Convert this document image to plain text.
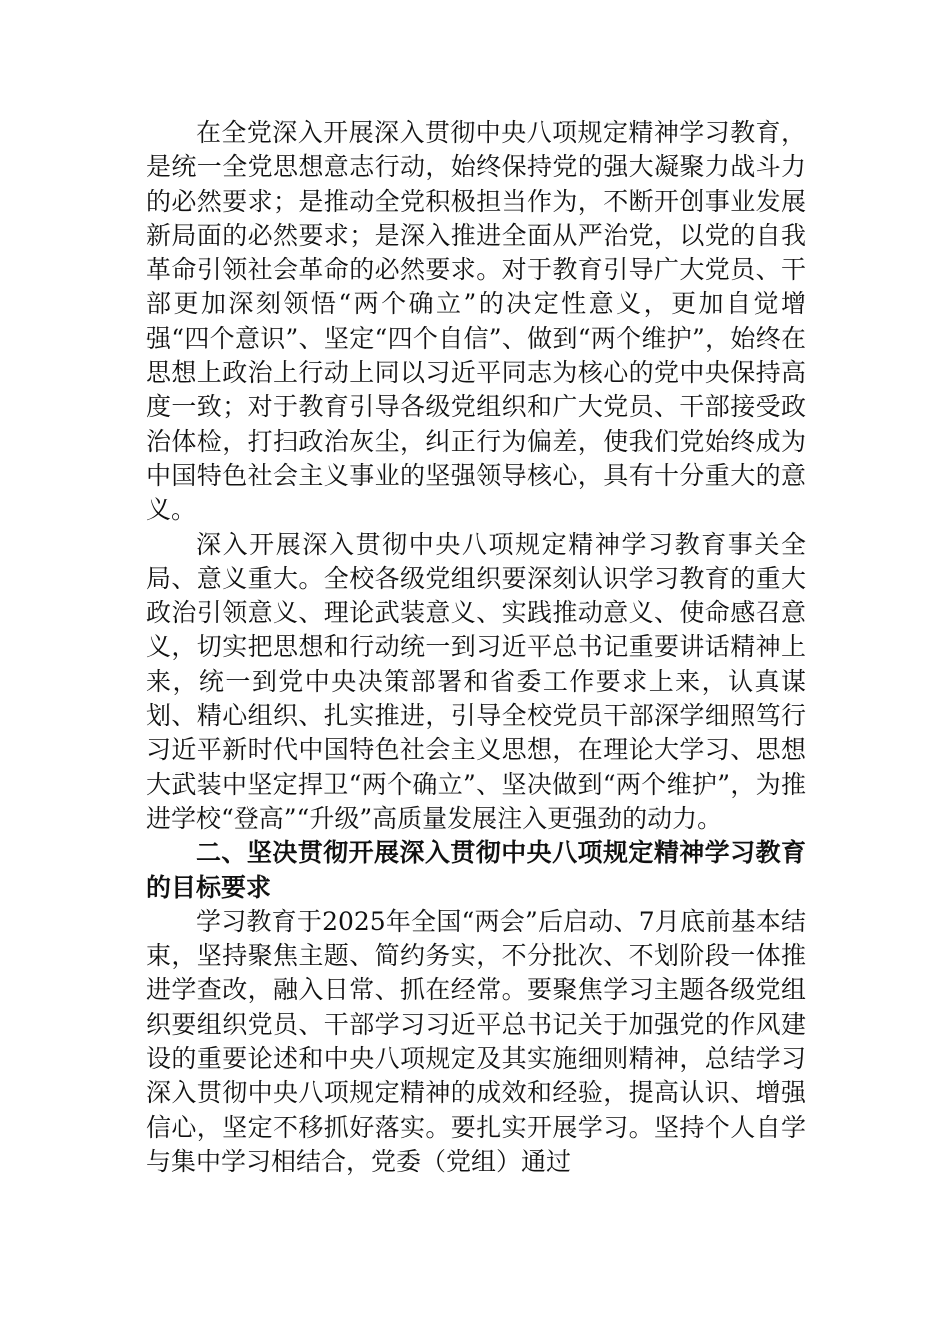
在全党深入开展深入贯彻中央八项规定精神学习教育，是统一全党思想意志行动，始终保持党的强大凝聚力战斗力的必然要求；是推动全党积极担当作为，不断开创事业发展新局面的必然要求；是深入推进全面从严治党，以党的自我革命引领社会革命的必然要求。对于教育引导广大党员、干部更加深刻领悟“两个确立”的决定性意义，更加自觉增强“四个意识”、坚定“四个自信”、做到“两个维护”，始终在思想上政治上行动上同以习近平同志为核心的党中央保持高度一致；对于教育引导各级党组织和广大党员、干部接受政治体检，打扫政治灰尘，纠正行为偏差，使我们党始终成为中国特色社会主义事业的坚强领导核心，具有十分重大的意义。

深入开展深入贯彻中央八项规定精神学习教育事关全局、意义重大。全校各级党组织要深刻认识学习教育的重大政治引领意义、理论武装意义、实践推动意义、使命感召意义，切实把思想和行动统一到习近平总书记重要讲话精神上来，统一到党中央决策部署和省委工作要求上来，认真谋划、精心组织、扎实推进，引导全校党员干部深学细照笃行习近平新时代中国特色社会主义思想，在理论大学习、思想大武装中坚定捍卫“两个确立”、坚决做到“两个维护”，为推进学校“登高”“升级”高质量发展注入更强劲的动力。

二、坚决贯彻开展深入贯彻中央八项规定精神学习教育的目标要求

学习教育于2025年全国“两会”后启动、7月底前基本结束，坚持聚焦主题、简约务实，不分批次、不划阶段一体推进学查改，融入日常、抓在经常。要聚焦学习主题各级党组织要组织党员、干部学习习近平总书记关于加强党的作风建设的重要论述和中央八项规定及其实施细则精神，总结学习深入贯彻中央八项规定精神的成效和经验，提高认识、增强信心，坚定不移抓好落实。要扎实开展学习。坚持个人自学与集中学习相结合，党委（党组）通过
